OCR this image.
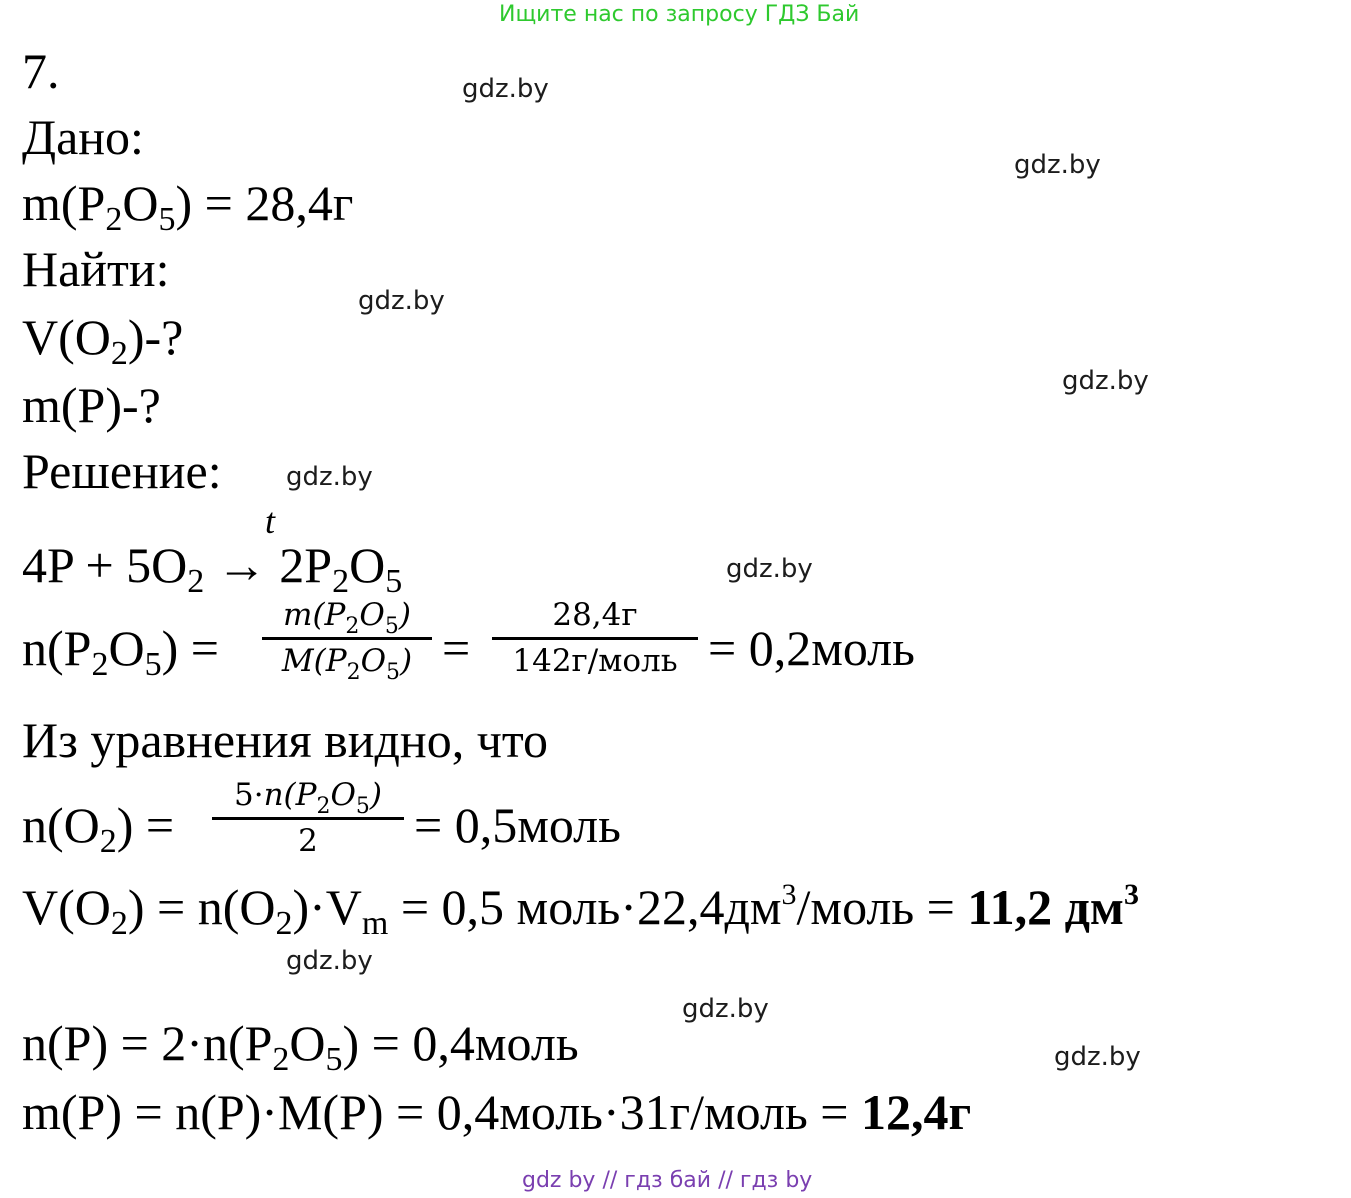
Ищите нас по запросу ГДЗ Бай
7.
Дано:
$m(P_2O_5) = 28,4г$
Найти:
$V(O_2)-$?
m(P)-?
Решение:
t
$4P + 5O_2 \to 2P_2O_5$
$n(P_2O_5)$ =
$m(P_2O_5)$
$M(P_2O_5)$ =
28,4г
142г/моль = 0,2моль
Из уравнения видно, что
$n(O_2)$ =
$5\cdot n(P_2O_5)$
2	= 0,5моль
$V(O_2) = n(O_2)\cdot V_m = 0,5$ $моль\cdot 22,4дм^3$/моль = 11,2 $дм^3$
$n(P) = 2\cdot n(P_2O_5)$ = 0,4моль
m(P) = n(P)·M(P) = 0,4моль·31г/моль = 12,4г
gdz.by
gdz.by
gdz.by
gdz.by
gdz.by
gdz.by
gdz.by
gdz.by
gdz.by
gdz by // гдз бай // гдз by
